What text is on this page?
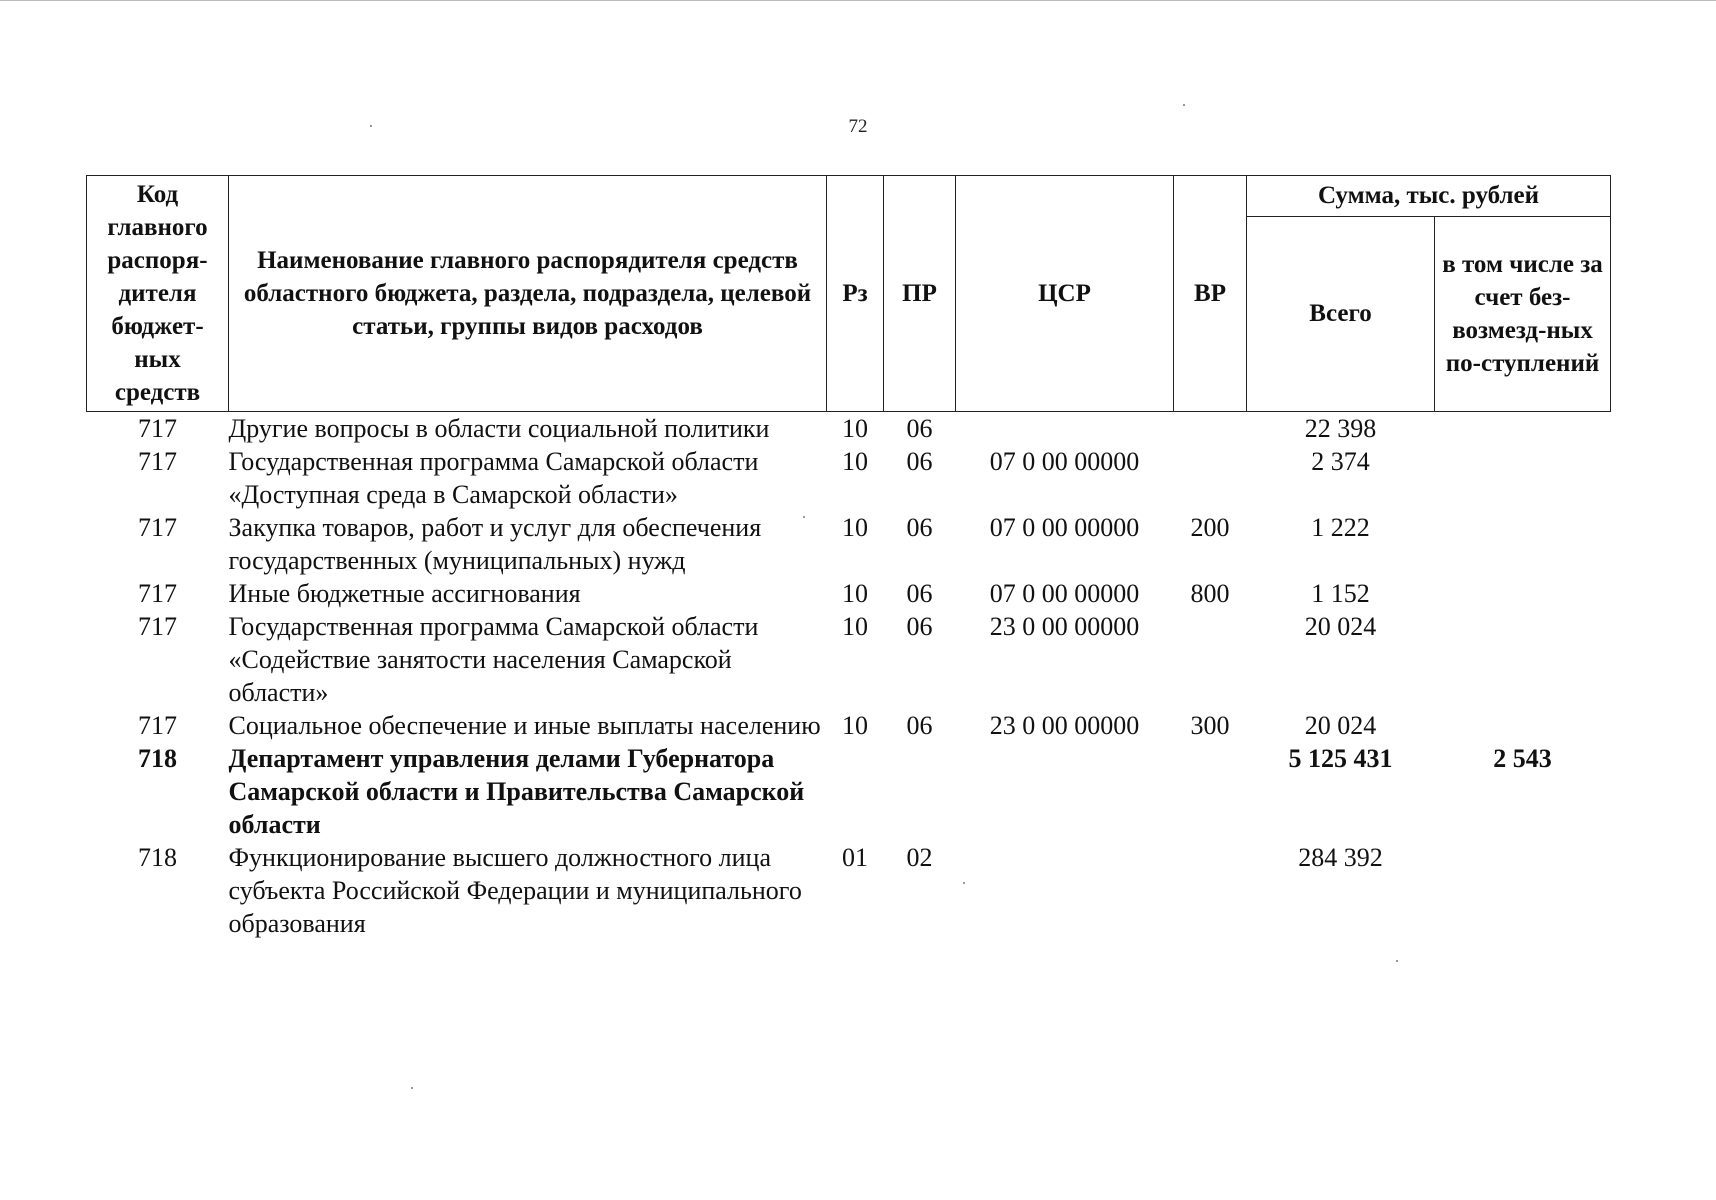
72
Код главного распоря-дителя бюджет-ных средств	Наименование главного распорядителя средств областного бюджета, раздела, подраздела, целевой статьи, группы видов расходов	Рз	ПР	ЦСР	ВР	Сумма, тыс. рублей	
						Всего	в том числе за счет без-возмезд-ных по-ступлений
717	Другие вопросы в области социальной политики	10	06			22 398	
717	Государственная программа Самарской области «Доступная среда в Самарской области»	10	06	07 0 00 00000		2 374	
717	Закупка товаров, работ и услуг для обеспечения государственных (муниципальных) нужд	10	06	07 0 00 00000	200	1 222	
717	Иные бюджетные ассигнования	10	06	07 0 00 00000	800	1 152	
717	Государственная программа Самарской области «Содействие занятости населения Самарской области»	10	06	23 0 00 00000		20 024	
717	Социальное обеспечение и иные выплаты населению	10	06	23 0 00 00000	300	20 024	
718	Департамент управления делами Губернатора Самарской области и Правительства Самарской области					5 125 431	2 543
718	Функционирование высшего должностного лица субъекта Российской Федерации и муниципального образования	01	02			284 392	
